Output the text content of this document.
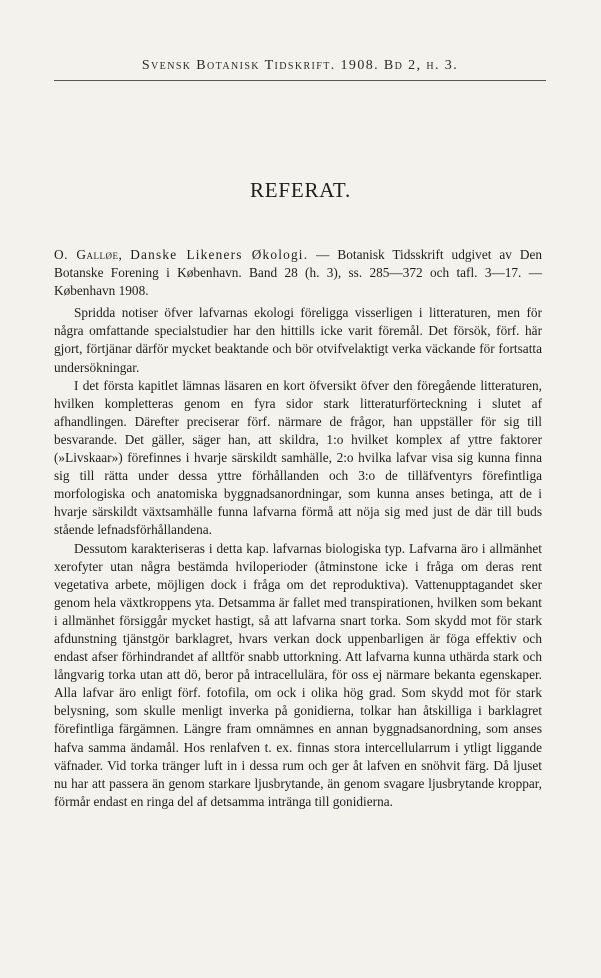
Svensk Botanisk Tidskrift. 1908. Bd 2, h. 3.
REFERAT.

O. Galløe, Danske Likeners Økologi. — Botanisk Tidsskrift udgivet av Den Botanske Forening i København. Band 28 (h. 3), ss. 285—372 och tafl. 3—17. — København 1908.

Spridda notiser öfver lafvarnas ekologi föreligga visserligen i litteraturen, men för några omfattande specialstudier har den hittills icke varit föremål. Det försök, förf. här gjort, förtjänar därför mycket beaktande och bör otvifvelaktigt verka väckande för fortsatta undersökningar.

I det första kapitlet lämnas läsaren en kort öfversikt öfver den föregående litteraturen, hvilken kompletteras genom en fyra sidor stark litteraturförteckning i slutet af afhandlingen. Därefter preciserar förf. närmare de frågor, han uppställer för sig till besvarande. Det gäller, säger han, att skildra, 1:o hvilket komplex af yttre faktorer (»Livskaar») förefinnes i hvarje särskildt samhälle, 2:o hvilka lafvar visa sig kunna finna sig till rätta under dessa yttre förhållanden och 3:o de tilläfventyrs förefintliga morfologiska och anatomiska byggnadsanordningar, som kunna anses betinga, att de i hvarje särskildt växtsamhälle funna lafvarna förmå att nöja sig med just de där till buds stående lefnadsförhållandena.

Dessutom karakteriseras i detta kap. lafvarnas biologiska typ. Lafvarna äro i allmänhet xerofyter utan några bestämda hviloperioder (åtminstone icke i fråga om deras rent vegetativa arbete, möjligen dock i fråga om det reproduktiva). Vattenupptagandet sker genom hela växtkroppens yta. Detsamma är fallet med transpirationen, hvilken som bekant i allmänhet försiggår mycket hastigt, så att lafvarna snart torka. Som skydd mot för stark afdunstning tjänstgör barklagret, hvars verkan dock uppenbarligen är föga effektiv och endast afser förhindrandet af alltför snabb uttorkning. Att lafvarna kunna uthärda stark och långvarig torka utan att dö, beror på intracellulära, för oss ej närmare bekanta egenskaper. Alla lafvar äro enligt förf. fotofila, om ock i olika hög grad. Som skydd mot för stark belysning, som skulle menligt inverka på gonidierna, tolkar han åtskilliga i barklagret förefintliga färgämnen. Längre fram omnämnes en annan byggnadsanordning, som anses hafva samma ändamål. Hos renlafven t. ex. finnas stora intercellularrum i ytligt liggande väfnader. Vid torka tränger luft in i dessa rum och ger åt lafven en snöhvit färg. Då ljuset nu har att passera än genom starkare ljusbrytande, än genom svagare ljusbrytande kroppar, förmår endast en ringa del af detsamma intränga till gonidierna.
